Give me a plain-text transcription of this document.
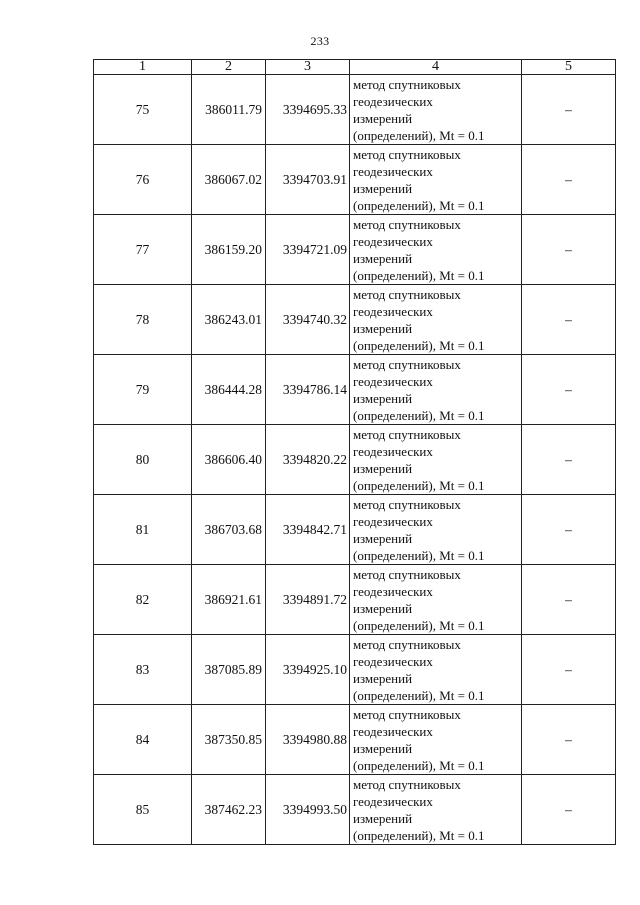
233
1	2	3	4	5
75	386011.79	3394695.33	метод спутниковых
геодезических
измерений
(определений), Mt = 0.1	–
76	386067.02	3394703.91	метод спутниковых
геодезических
измерений
(определений), Mt = 0.1	–
77	386159.20	3394721.09	метод спутниковых
геодезических
измерений
(определений), Mt = 0.1	–
78	386243.01	3394740.32	метод спутниковых
геодезических
измерений
(определений), Mt = 0.1	–
79	386444.28	3394786.14	метод спутниковых
геодезических
измерений
(определений), Mt = 0.1	–
80	386606.40	3394820.22	метод спутниковых
геодезических
измерений
(определений), Mt = 0.1	–
81	386703.68	3394842.71	метод спутниковых
геодезических
измерений
(определений), Mt = 0.1	–
82	386921.61	3394891.72	метод спутниковых
геодезических
измерений
(определений), Mt = 0.1	–
83	387085.89	3394925.10	метод спутниковых
геодезических
измерений
(определений), Mt = 0.1	–
84	387350.85	3394980.88	метод спутниковых
геодезических
измерений
(определений), Mt = 0.1	–
85	387462.23	3394993.50	метод спутниковых
геодезических
измерений
(определений), Mt = 0.1	–
